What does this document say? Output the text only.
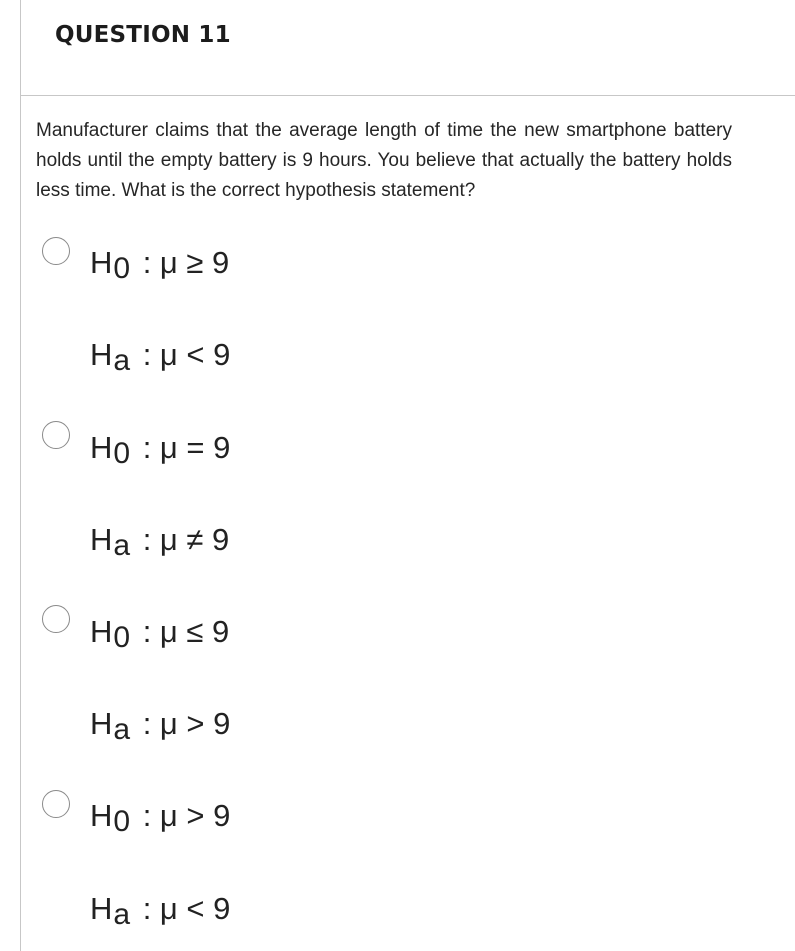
QUESTION 11

Manufacturer claims that the average length of time the new smartphone battery holds until the empty battery is 9 hours. You believe that actually the battery holds less time. What is the correct hypothesis statement?

H0 : μ ≥ 9
Ha : μ < 9
H0 : μ = 9
Ha : μ ≠ 9
H0 : μ ≤ 9
Ha : μ > 9
H0 : μ > 9
Ha : μ < 9
